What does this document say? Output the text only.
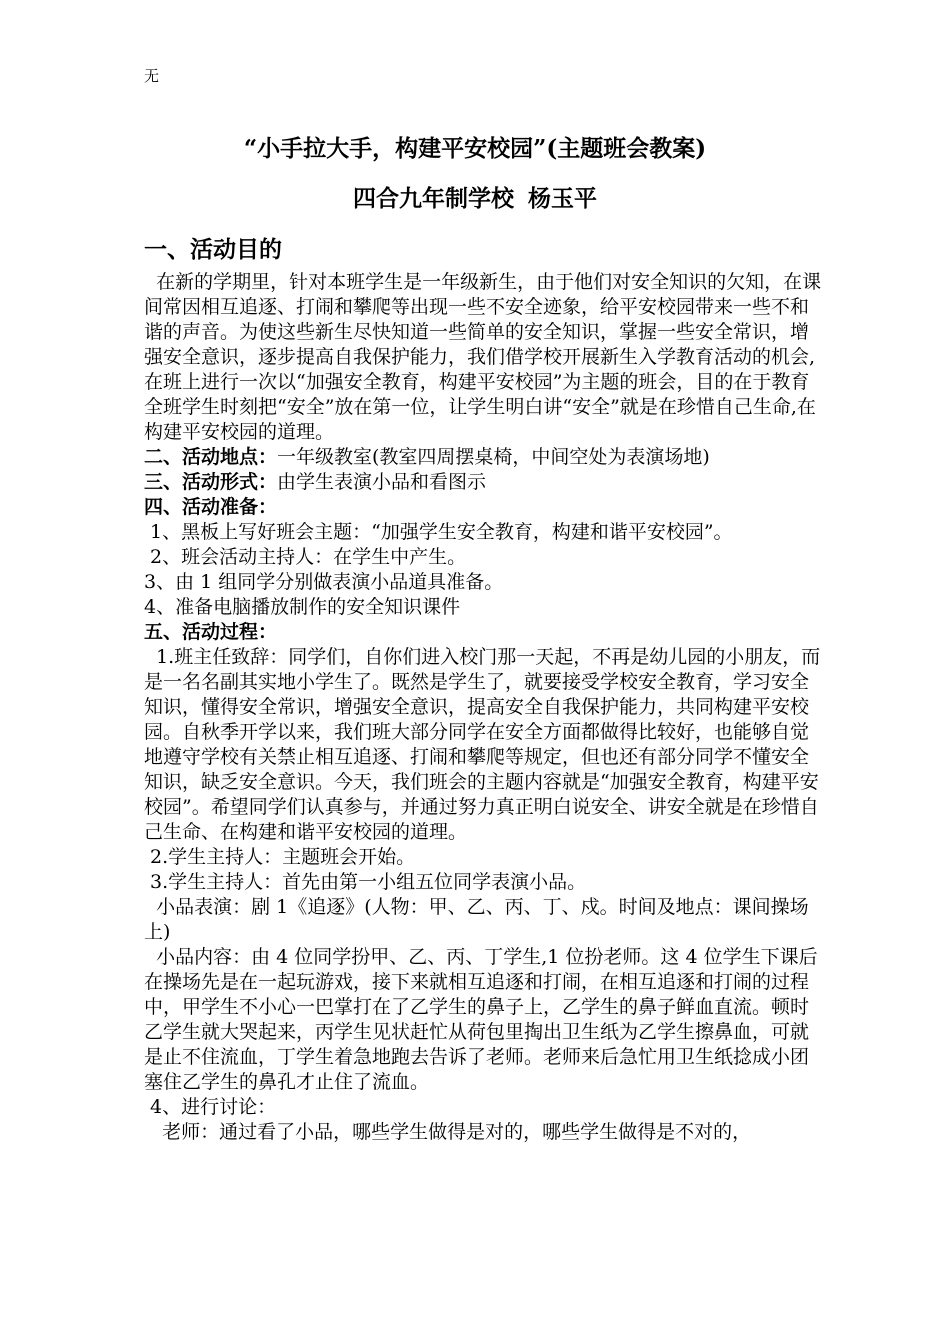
无
“小手拉大手，构建平安校园”(主题班会教案)
四合九年制学校 杨玉平

一、活动目的

在新的学期里，针对本班学生是一年级新生，由于他们对安全知识的欠知，在课间常因相互追逐、打闹和攀爬等出现一些不安全迹象，给平安校园带来一些不和谐的声音。为使这些新生尽快知道一些简单的安全知识，掌握一些安全常识，增强安全意识，逐步提高自我保护能力，我们借学校开展新生入学教育活动的机会,在班上进行一次以“加强安全教育，构建平安校园”为主题的班会，目的在于教育全班学生时刻把“安全”放在第一位，让学生明白讲“安全”就是在珍惜自己生命,在构建平安校园的道理。

二、活动地点：一年级教室(教室四周摆桌椅，中间空处为表演场地)

三、活动形式：由学生表演小品和看图示

四、活动准备：

1、黑板上写好班会主题：“加强学生安全教育，构建和谐平安校园”。

2、班会活动主持人：在学生中产生。

3、由 1 组同学分别做表演小品道具准备。

4、准备电脑播放制作的安全知识课件

五、活动过程：

1.班主任致辞：同学们，自你们进入校门那一天起，不再是幼儿园的小朋友，而是一名名副其实地小学生了。既然是学生了，就要接受学校安全教育，学习安全知识，懂得安全常识，增强安全意识，提高安全自我保护能力，共同构建平安校园。自秋季开学以来，我们班大部分同学在安全方面都做得比较好，也能够自觉地遵守学校有关禁止相互追逐、打闹和攀爬等规定，但也还有部分同学不懂安全知识，缺乏安全意识。今天，我们班会的主题内容就是“加强安全教育，构建平安校园”。希望同学们认真参与，并通过努力真正明白说安全、讲安全就是在珍惜自己生命、在构建和谐平安校园的道理。

2.学生主持人：主题班会开始。

3.学生主持人：首先由第一小组五位同学表演小品。

小品表演：剧 1《追逐》(人物：甲、乙、丙、丁、戍。时间及地点：课间操场上)

小品内容：由 4 位同学扮甲、乙、丙、丁学生,1 位扮老师。这 4 位学生下课后在操场先是在一起玩游戏，接下来就相互追逐和打闹，在相互追逐和打闹的过程中，甲学生不小心一巴掌打在了乙学生的鼻子上，乙学生的鼻子鲜血直流。顿时乙学生就大哭起来，丙学生见状赶忙从荷包里掏出卫生纸为乙学生擦鼻血，可就是止不住流血，丁学生着急地跑去告诉了老师。老师来后急忙用卫生纸捻成小团塞住乙学生的鼻孔才止住了流血。

4、进行讨论：

老师：通过看了小品，哪些学生做得是对的，哪些学生做得是不对的，
